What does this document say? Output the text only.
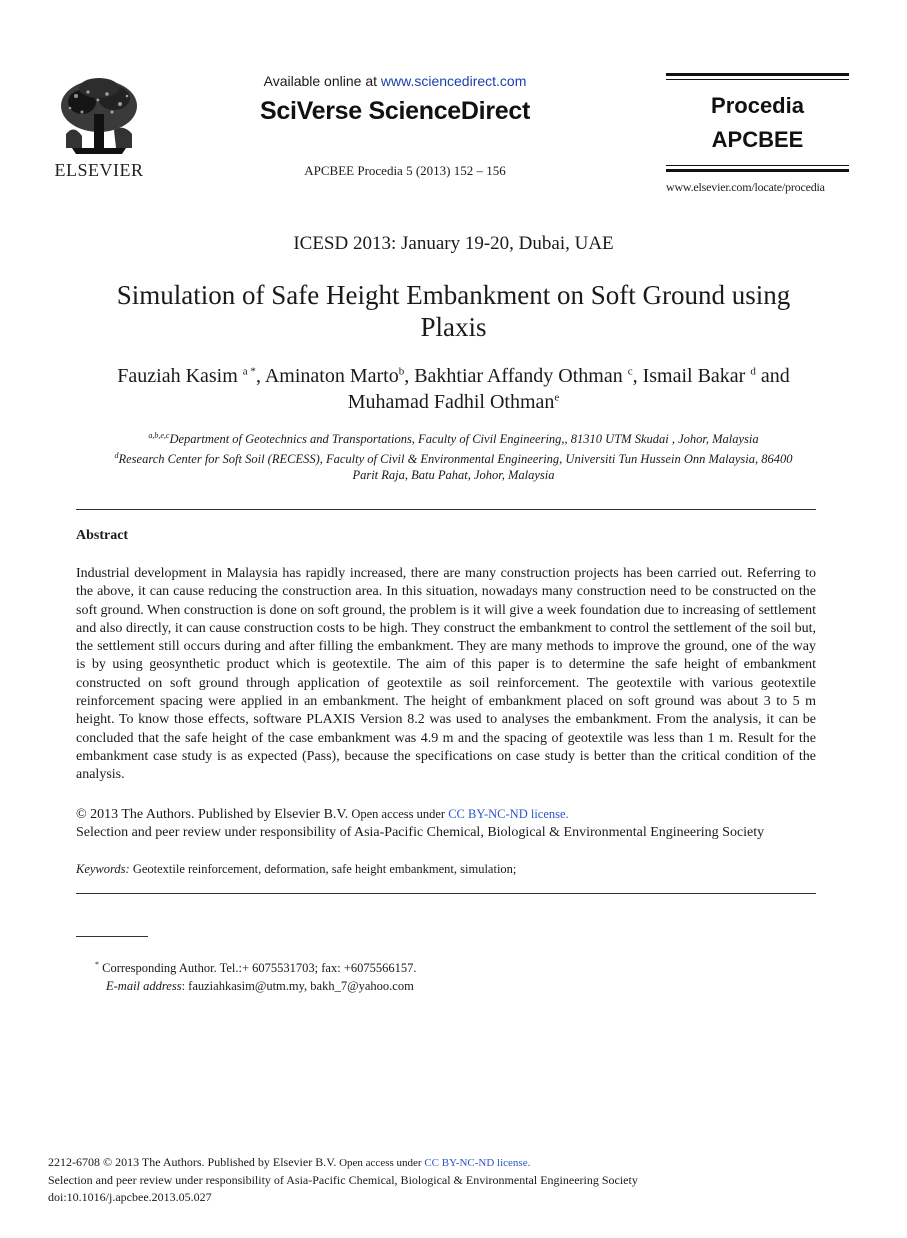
ELSEVIER
Available online at www.sciencedirect.com
SciVerse ScienceDirect
APCBEE Procedia 5 (2013) 152 – 156
Procedia
APCBEE
www.elsevier.com/locate/procedia
ICESD 2013: January 19-20, Dubai, UAE
Simulation of Safe Height Embankment on Soft Ground using
Plaxis
Fauziah Kasim $^{a *}$, Aminaton Marto$^b$, Bakhtiar Affandy Othman $^c$, Ismail Bakar $^d$ and
Muhamad Fadhil Othman$^e$
$^{a,b,e,c}$Department of Geotechnics and Transportations, Faculty of Civil Engineering,, 81310 UTM Skudai , Johor, Malaysia
$^d$Research Center for Soft Soil (RECESS), Faculty of Civil & Environmental Engineering, Universiti Tun Hussein Onn Malaysia, 86400
Parit Raja, Batu Pahat, Johor, Malaysia
Abstract
Industrial development in Malaysia has rapidly increased, there are many construction projects has been carried out. Referring to the above, it can cause reducing the construction area. In this situation, nowadays many construction need to be constructed on the soft ground. When construction is done on soft ground, the problem is it will give a week foundation due to increasing of settlement and also directly, it can cause construction costs to be high. They construct the embankment to control the settlement of the soil but, the settlement still occurs during and after filling the embankment. They are many methods to improve the ground, one of the way is by using geosynthetic product which is geotextile. The aim of this paper is to determine the safe height of embankment constructed on soft ground through application of geotextile as soil reinforcement. The geotextile with various geotextile reinforcement spacing were applied in an embankment. The height of embankment placed on soft ground was about 3 to 5 m height. To know those effects, software PLAXIS Version 8.2 was used to analyses the embankment. From the analysis, it can be concluded that the safe height of the case embankment was 4.9 m and the spacing of geotextile was less than 1 m. Result for the embankment case study is as expected (Pass), because the specifications on case study is better than the critical condition of the analysis.
© 2013 The Authors. Published by Elsevier B.V. Open access under CC BY-NC-ND license.
Selection and peer review under responsibility of Asia-Pacific Chemical, Biological & Environmental Engineering Society
Keywords: Geotextile reinforcement, deformation, safe height embankment, simulation;
* Corresponding Author. Tel.:+ 6075531703; fax: +6075566157.
E-mail address: fauziahkasim@utm.my, bakh_7@yahoo.com
2212-6708 © 2013 The Authors. Published by Elsevier B.V. Open access under CC BY-NC-ND license.
Selection and peer review under responsibility of Asia-Pacific Chemical, Biological & Environmental Engineering Society
doi:10.1016/j.apcbee.2013.05.027
